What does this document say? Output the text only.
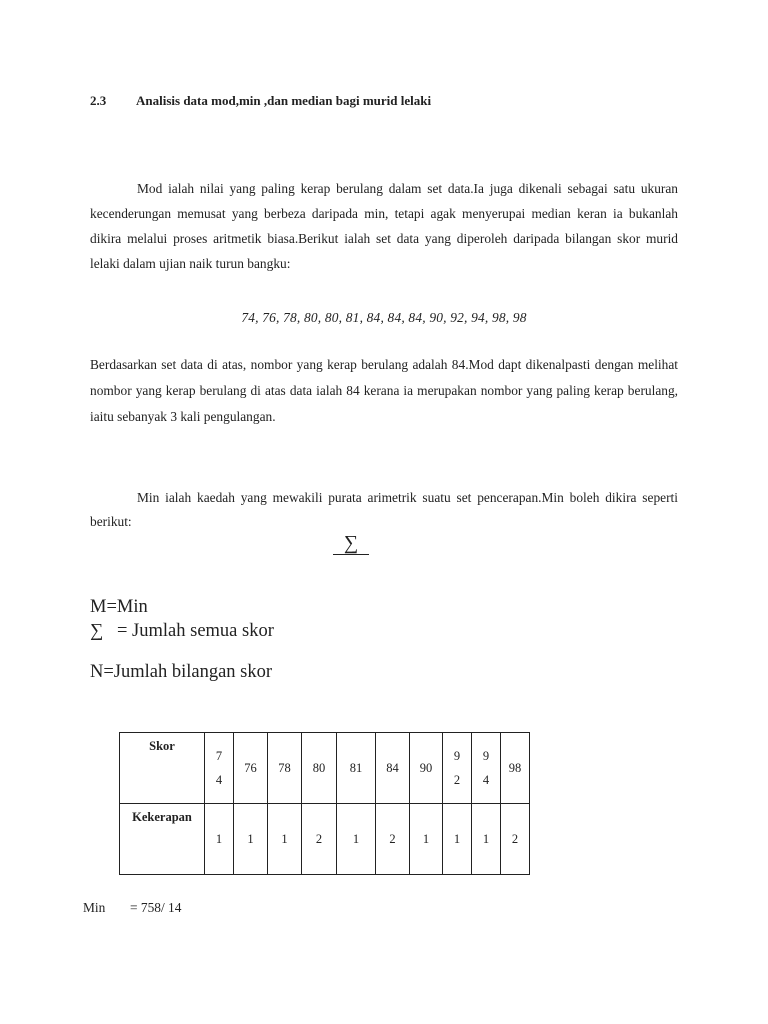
2.3 Analisis data mod,min ,dan median bagi murid lelaki
Mod ialah nilai yang paling kerap berulang dalam set data.Ia juga dikenali sebagai satu ukuran kecenderungan memusat yang berbeza daripada min, tetapi agak menyerupai median keran ia bukanlah dikira melalui proses aritmetik biasa.Berikut ialah set data yang diperoleh daripada bilangan skor murid lelaki dalam ujian naik turun bangku:
74, 76, 78, 80, 80, 81, 84, 84, 84, 90, 92, 94, 98, 98
Berdasarkan set data di atas, nombor yang kerap berulang adalah 84.Mod dapt dikenalpasti dengan melihat nombor yang kerap berulang di atas data ialah 84 kerana ia merupakan nombor yang paling kerap berulang, iaitu sebanyak 3 kali pengulangan.
Min ialah kaedah yang mewakili purata arimetrik suatu set pencerapan.Min boleh dikira seperti berikut:
∑
M=Min
∑ = Jumlah semua skor
N=Jumlah bilangan skor
Skor	74	76	78	80	81	84	90	92	94	98
Kekerapan	1	1	1	2	1	2	1	1	1	2
Min = 758/ 14
